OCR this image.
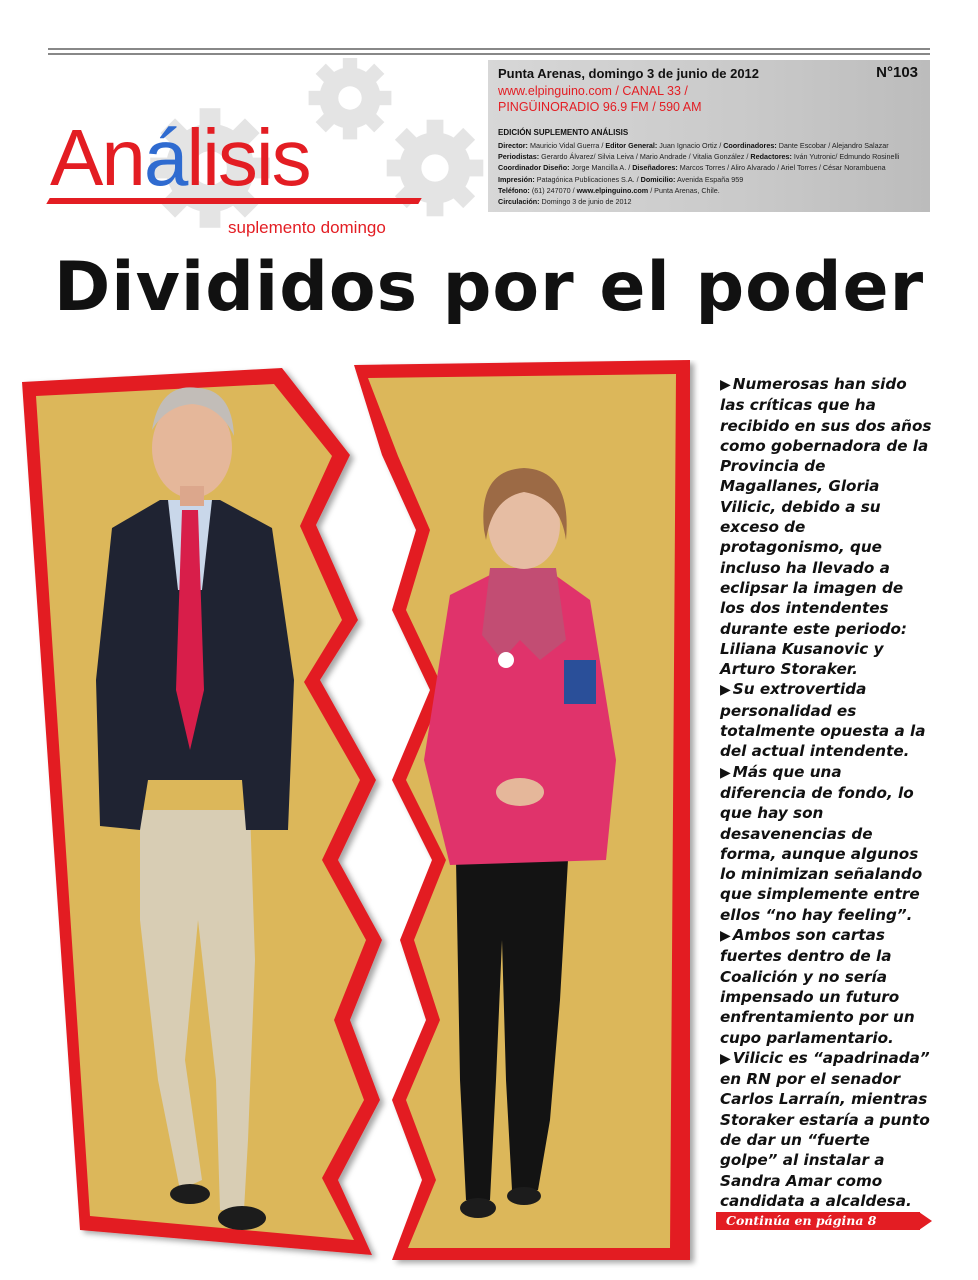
Análisis
suplemento domingo
Punta Arenas, domingo 3 de junio de 2012	N°103
www.elpinguino.com / CANAL 33 /
PINGÜINORADIO 96.9 FM / 590 AM
EDICIÓN SUPLEMENTO ANÁLISIS
Director: Mauricio Vidal Guerra / Editor General: Juan Ignacio Ortiz / Coordinadores: Dante Escobar / Alejandro Salazar
Periodistas: Gerardo Álvarez/ Silvia Leiva / Mario Andrade / Vitalia González / Redactores: Iván Yutronic/ Edmundo Rosinelli
Coordinador Diseño: Jorge Mancilla A. / Diseñadores: Marcos Torres / Aliro Alvarado / Ariel Torres / César Norambuena
Impresión: Patagónica Publicaciones S.A. / Domicilio: Avenida España 959
Teléfono: (61) 247070 / www.elpinguino.com / Punta Arenas, Chile.
Circulación: Domingo 3 de junio de 2012
Divididos por el poder
▶ Numerosas han sido las críticas que ha recibido en sus dos años como gobernadora de la Provincia de Magallanes, Gloria Vilicic, debido a su exceso de protagonismo, que incluso ha llevado a eclipsar la imagen de los dos intendentes durante este periodo: Liliana Kusanovic y Arturo Storaker.
▶ Su extrovertida personalidad es totalmente opuesta a la del actual intendente.
▶ Más que una diferencia de fondo, lo que hay son desavenencias de forma, aunque algunos lo minimizan señalando que simplemente entre ellos “no hay feeling”.
▶ Ambos son cartas fuertes dentro de la Coalición y no sería impensado un futuro enfrentamiento por un cupo parlamentario.
▶ Vilicic es “apadrinada” en RN por el senador Carlos Larraín, mientras Storaker estaría a punto de dar un “fuerte golpe” al instalar a Sandra Amar como candidata a alcaldesa.
Continúa en página 8
